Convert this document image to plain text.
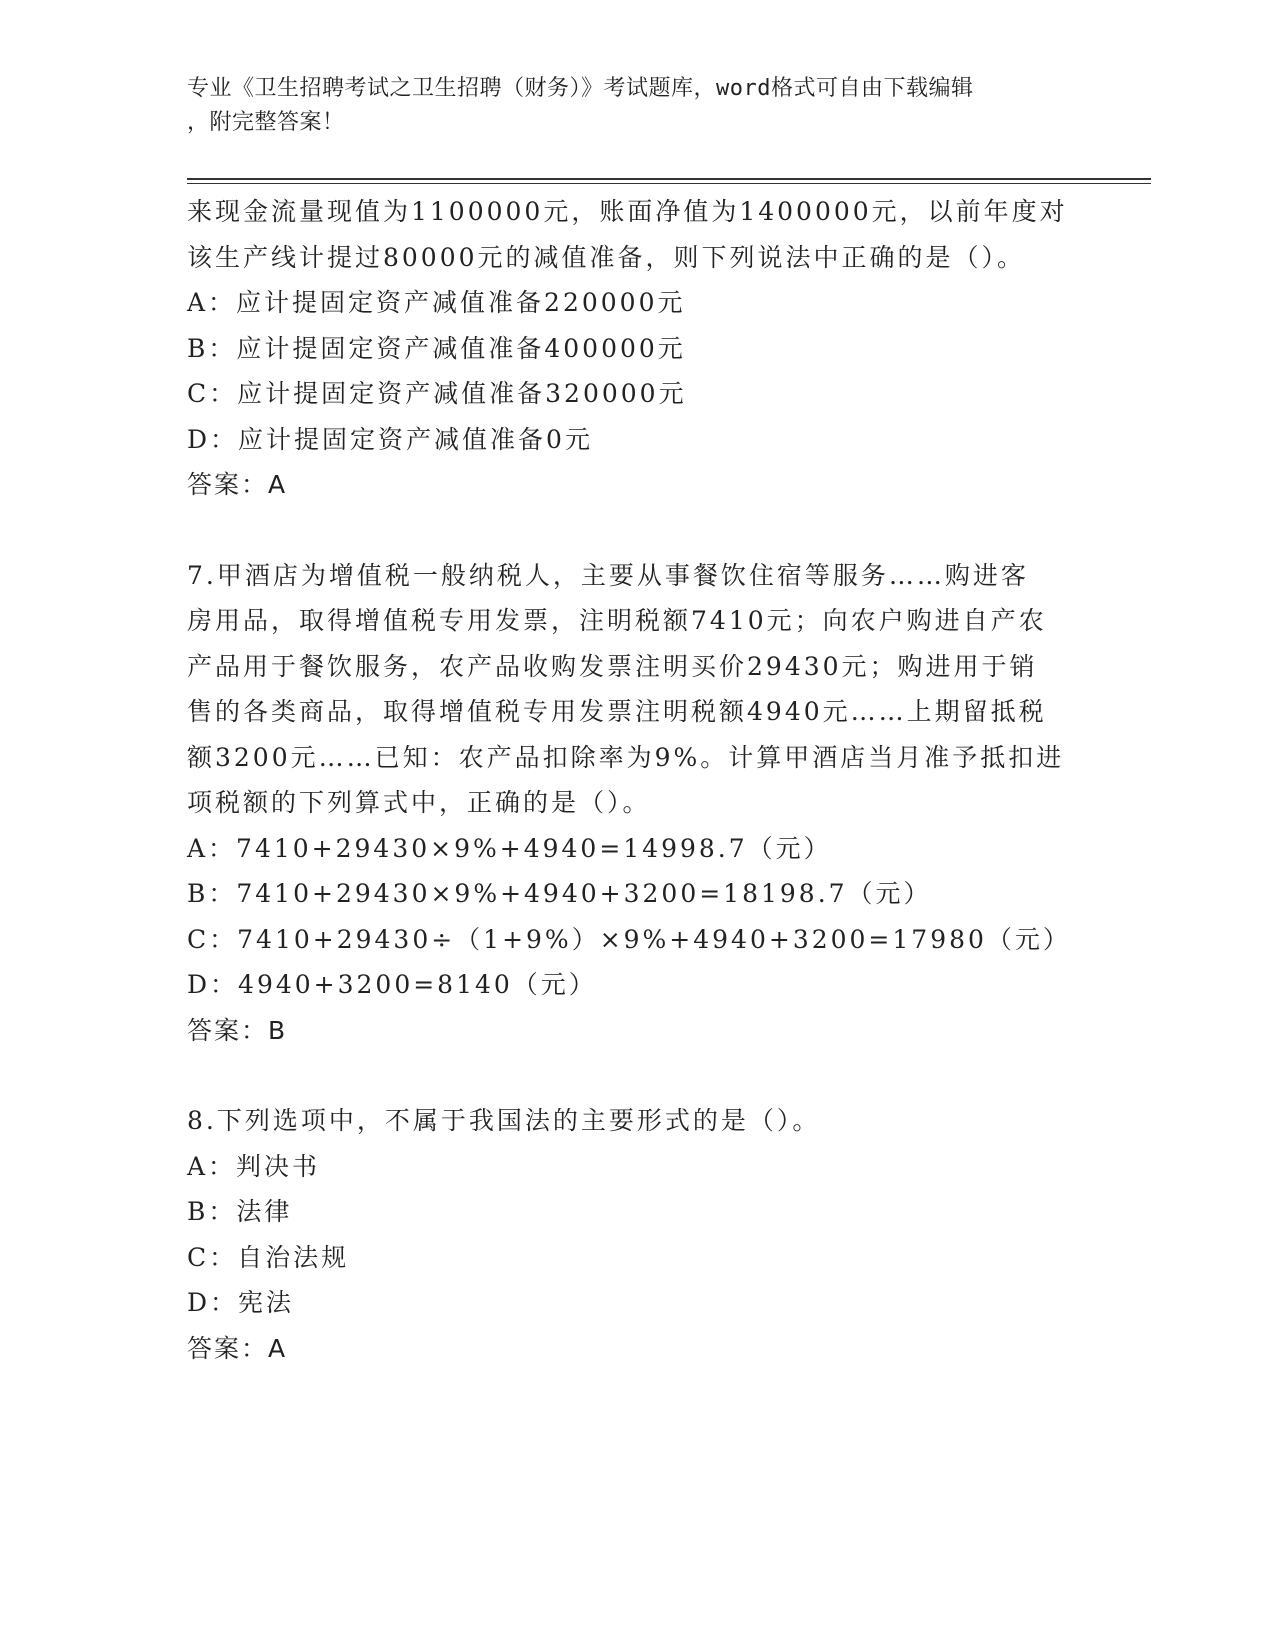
专业《卫生招聘考试之卫生招聘（财务）》考试题库，word格式可自由下载编辑
，附完整答案！
来现金流量现值为1100000元，账面净值为1400000元，以前年度对
该生产线计提过80000元的减值准备，则下列说法中正确的是（）。
A：应计提固定资产减值准备220000元
B：应计提固定资产减值准备400000元
C：应计提固定资产减值准备320000元
D：应计提固定资产减值准备0元
答案：A
7.甲酒店为增值税一般纳税人，主要从事餐饮住宿等服务……购进客
房用品，取得增值税专用发票，注明税额7410元；向农户购进自产农
产品用于餐饮服务，农产品收购发票注明买价29430元；购进用于销
售的各类商品，取得增值税专用发票注明税额4940元……上期留抵税
额3200元……已知：农产品扣除率为9%。计算甲酒店当月准予抵扣进
项税额的下列算式中，正确的是（）。
A：7410+29430×9%+4940=14998.7（元）
B：7410+29430×9%+4940+3200=18198.7（元）
C：7410+29430÷（1+9%）×9%+4940+3200=17980（元）
D：4940+3200=8140（元）
答案：B
8.下列选项中，不属于我国法的主要形式的是（）。
A：判决书
B：法律
C：自治法规
D：宪法
答案：A
